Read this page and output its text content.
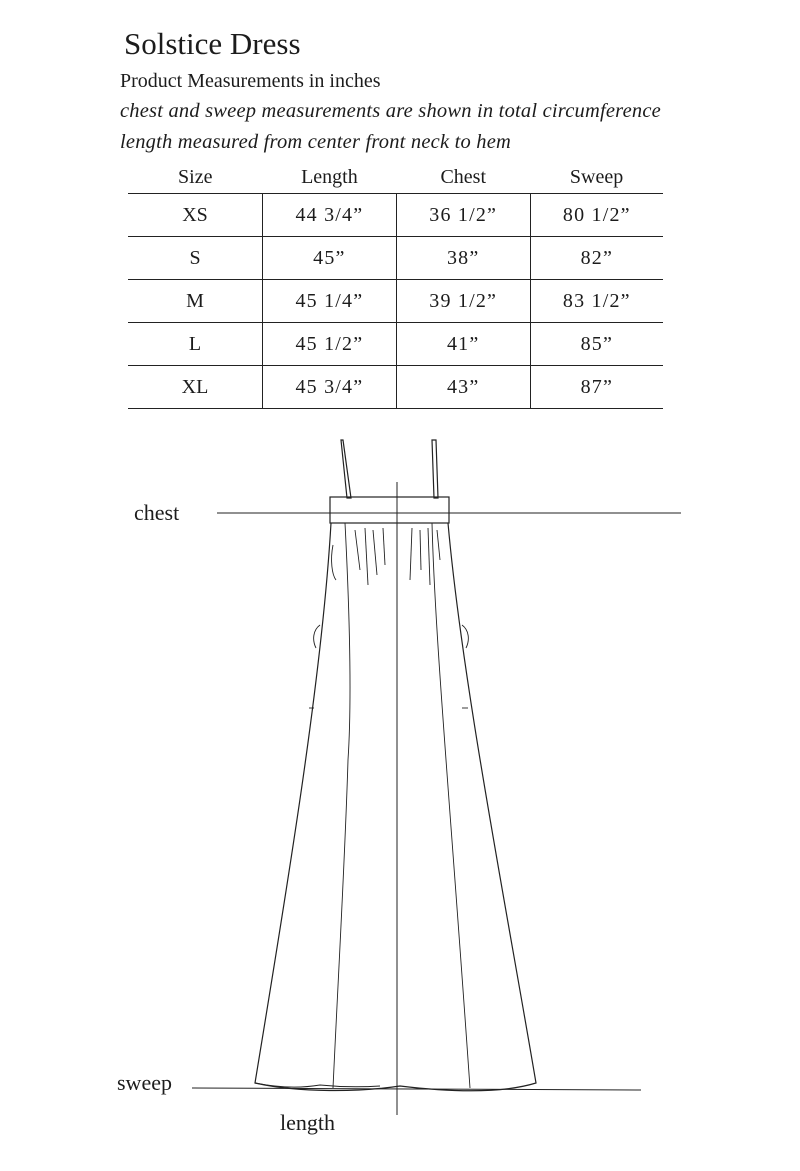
Solstice Dress
Product Measurements in inches
chest and sweep measurements are shown in total circumference
length measured from center front neck to hem
Size	Length	Chest	Sweep
XS	44 3/4”	36 1/2”	80 1/2”
S	45”	38”	82”
M	45 1/4”	39 1/2”	83 1/2”
L	45 1/2”	41”	85”
XL	45 3/4”	43”	87”
chest
sweep
length
